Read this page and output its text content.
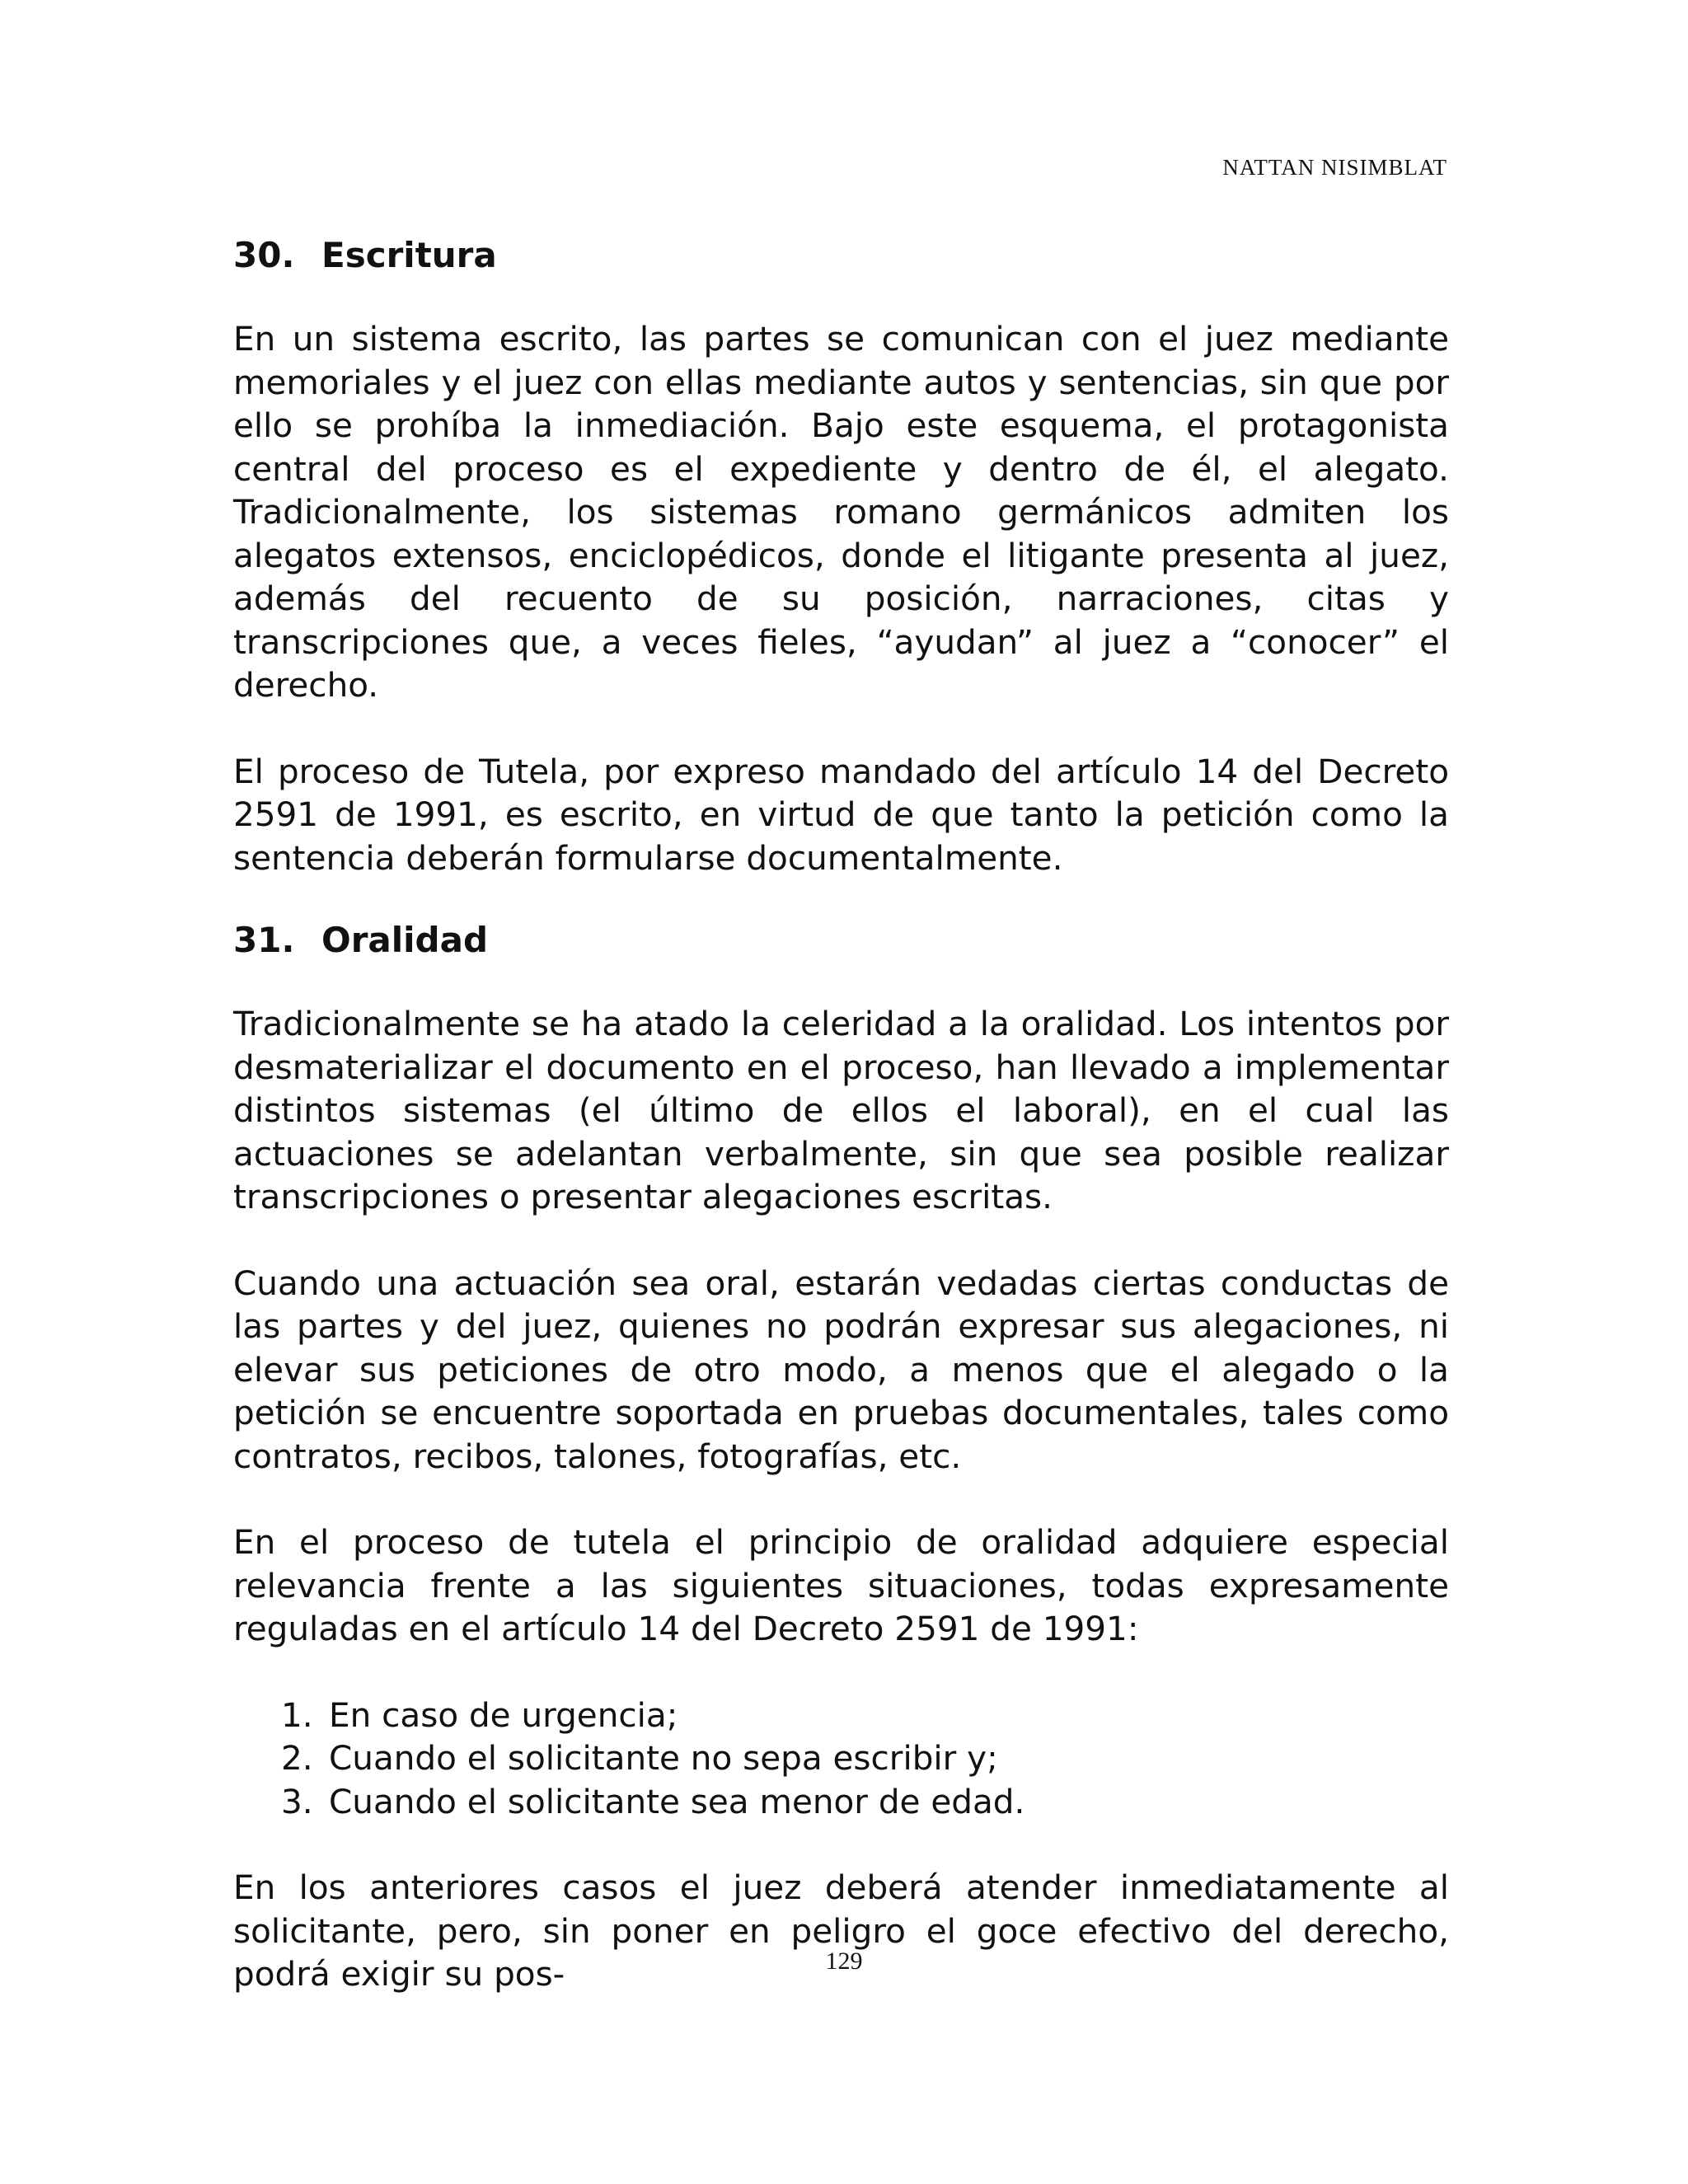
NATTAN NISIMBLAT
30. Escritura

En un sistema escrito, las partes se comunican con el juez mediante memoriales y el juez con ellas mediante autos y sentencias, sin que por ello se prohíba la inmediación. Bajo este esquema, el protagonista central del proceso es el expediente y dentro de él, el alegato. Tradicionalmente, los sistemas romano germánicos admiten los alegatos extensos, enciclopédicos, donde el litigante presenta al juez, además del recuento de su posición, narraciones, citas y transcripciones que, a veces fieles, “ayudan” al juez a “conocer” el derecho.

El proceso de Tutela, por expreso mandado del artículo 14 del Decreto 2591 de 1991, es escrito, en virtud de que tanto la petición como la sentencia deberán formularse documentalmente.

31. Oralidad

Tradicionalmente se ha atado la celeridad a la oralidad. Los intentos por desmaterializar el documento en el proceso, han llevado a implementar distintos sistemas (el último de ellos el laboral), en el cual las actuaciones se adelantan verbalmente, sin que sea posible realizar transcripciones o presentar alegaciones escritas.

Cuando una actuación sea oral, estarán vedadas ciertas conductas de las partes y del juez, quienes no podrán expresar sus alegaciones, ni elevar sus peticiones de otro modo, a menos que el alegado o la petición se encuentre soportada en pruebas documentales, tales como contratos, recibos, talones, fotografías, etc.

En el proceso de tutela el principio de oralidad adquiere especial relevancia frente a las siguientes situaciones, todas expresamente reguladas en el artículo 14 del Decreto 2591 de 1991:

1. En caso de urgencia;
2. Cuando el solicitante no sepa escribir y;
3. Cuando el solicitante sea menor de edad.

En los anteriores casos el juez deberá atender inmediatamente al solicitante, pero, sin poner en peligro el goce efectivo del derecho, podrá exigir su pos-	129
